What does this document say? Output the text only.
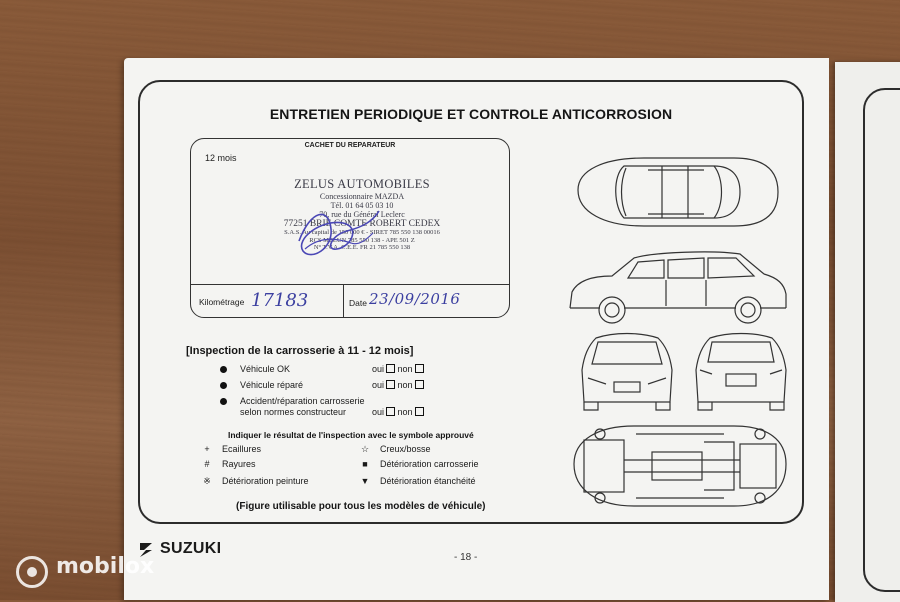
ENTRETIEN PERIODIQUE ET CONTROLE ANTICORROSION
CACHET DU REPARATEUR
12 mois
ZELUS AUTOMOBILES
Concessionnaire MAZDA
Tél. 01 64 05 03 10
70, rue du Général Leclerc
77251 BRIE COMTE ROBERT CEDEX
S.A.S. Au capital de 150 000 € - SIRET 785 550 138 00016
RCS MELUN 785 550 138 - APE 501 Z
N° T.V.A. C.E.E. FR 21 785 550 138
Kilométrage 17183	Date 23/09/2016
[Inspection de la carrosserie à 11 - 12 mois]
Véhicule OK	oui non
Véhicule réparé	oui non
Accident/réparation carrosserie
selon normes constructeur	oui non
Indiquer le résultat de l'inspection avec le symbole approuvé
+	Ecaillures	☆	Creux/bosse
#	Rayures	■	Détérioration carrosserie
※	Détérioration peinture	▼ Détérioration étanchéité
(Figure utilisable pour tous les modèles de véhicule)
SUZUKI
- 18 -
mobilox
